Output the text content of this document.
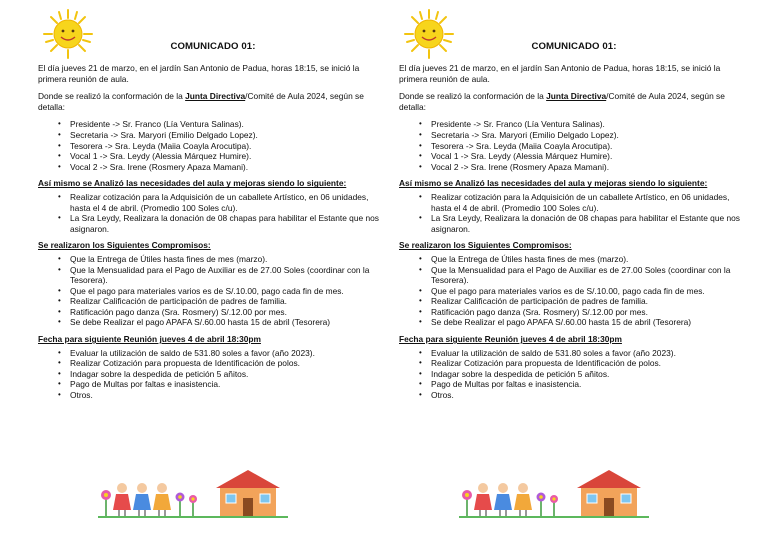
COMUNICADO 01:

El día jueves 21 de marzo, en el jardín San Antonio de Padua, horas 18:15, se inició la primera reunión de aula.

Donde se realizó la conformación de la Junta Directiva/Comité de Aula 2024, según se detalla:

• Presidente -> Sr. Franco (Lía Ventura Salinas).
• Secretaria -> Sra. Maryori (Emilio Delgado Lopez).
• Tesorera -> Sra. Leyda (Maiia Coayla Arocutipa).
• Vocal 1 -> Sra. Leydy (Alessia Márquez Humire).
• Vocal 2 -> Sra. Irene (Rosmery Apaza Mamani).
Así mismo se Analizó las necesidades del aula y mejoras siendo lo siguiente:
• Realizar cotización para la Adquisición de un caballete Artístico, en 06 unidades, hasta el 4 de abril. (Promedio 100 Soles c/u).
• La Sra Leydy, Realizara la donación de 08 chapas para habilitar el Estante que nos asignaron.
Se realizaron los Siguientes Compromisos:
• Que la Entrega de Útiles hasta fines de mes (marzo).
• Que la Mensualidad para el Pago de Auxiliar es de 27.00 Soles (coordinar con la Tesorera).
• Que el pago para materiales varios es de S/.10.00, pago cada fin de mes.
• Realizar Calificación de participación de padres de familia.
• Ratificación pago danza (Sra. Rosmery) S/.12.00 por mes.
• Se debe Realizar el pago APAFA S/.60.00 hasta 15 de abril (Tesorera)
Fecha para siguiente Reunión jueves 4 de abril 18:30pm
• Evaluar la utilización de saldo de 531.80 soles a favor (año 2023).
• Realizar Cotización para propuesta de Identificación de polos.
• Indagar sobre la despedida de petición 5 añitos.
• Pago de Multas por faltas e inasistencia.
• Otros.
COMUNICADO 01:

El día jueves 21 de marzo, en el jardín San Antonio de Padua, horas 18:15, se inició la primera reunión de aula.

Donde se realizó la conformación de la Junta Directiva/Comité de Aula 2024, según se detalla:

• Presidente -> Sr. Franco (Lía Ventura Salinas).
• Secretaria -> Sra. Maryori (Emilio Delgado Lopez).
• Tesorera -> Sra. Leyda (Maiia Coayla Arocutipa).
• Vocal 1 -> Sra. Leydy (Alessia Márquez Humire).
• Vocal 2 -> Sra. Irene (Rosmery Apaza Mamani).
Así mismo se Analizó las necesidades del aula y mejoras siendo lo siguiente:
• Realizar cotización para la Adquisición de un caballete Artístico, en 06 unidades, hasta el 4 de abril. (Promedio 100 Soles c/u).
• La Sra Leydy, Realizara la donación de 08 chapas para habilitar el Estante que nos asignaron.
Se realizaron los Siguientes Compromisos:
• Que la Entrega de Útiles hasta fines de mes (marzo).
• Que la Mensualidad para el Pago de Auxiliar es de 27.00 Soles (coordinar con la Tesorera).
• Que el pago para materiales varios es de S/.10.00, pago cada fin de mes.
• Realizar Calificación de participación de padres de familia.
• Ratificación pago danza (Sra. Rosmery) S/.12.00 por mes.
• Se debe Realizar el pago APAFA S/.60.00 hasta 15 de abril (Tesorera)
Fecha para siguiente Reunión jueves 4 de abril 18:30pm
• Evaluar la utilización de saldo de 531.80 soles a favor (año 2023).
• Realizar Cotización para propuesta de Identificación de polos.
• Indagar sobre la despedida de petición 5 añitos.
• Pago de Multas por faltas e inasistencia.
• Otros.
